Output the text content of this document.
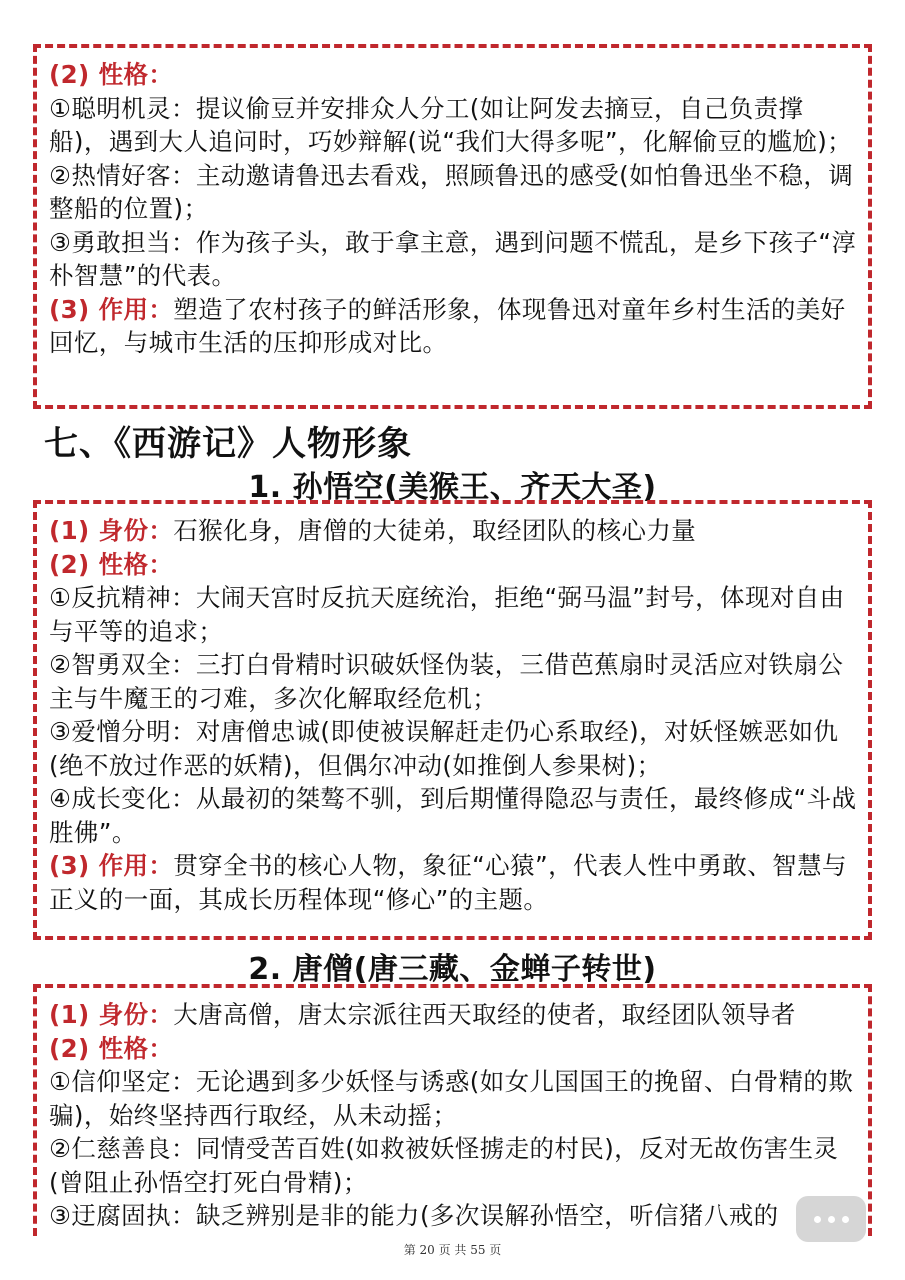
(2) 性格：

①聪明机灵：提议偷豆并安排众人分工(如让阿发去摘豆，自己负责撑船)，遇到大人追问时，巧妙辩解(说“我们大得多呢”，化解偷豆的尴尬)；

②热情好客：主动邀请鲁迅去看戏，照顾鲁迅的感受(如怕鲁迅坐不稳，调整船的位置)；

③勇敢担当：作为孩子头，敢于拿主意，遇到问题不慌乱，是乡下孩子“淳朴智慧”的代表。

(3) 作用：塑造了农村孩子的鲜活形象，体现鲁迅对童年乡村生活的美好回忆，与城市生活的压抑形成对比。

七、《西游记》人物形象
1. 孙悟空(美猴王、齐天大圣)

(1) 身份：石猴化身，唐僧的大徒弟，取经团队的核心力量

(2) 性格：

①反抗精神：大闹天宫时反抗天庭统治，拒绝“弼马温”封号，体现对自由与平等的追求；

②智勇双全：三打白骨精时识破妖怪伪装，三借芭蕉扇时灵活应对铁扇公主与牛魔王的刁难，多次化解取经危机；

③爱憎分明：对唐僧忠诚(即使被误解赶走仍心系取经)，对妖怪嫉恶如仇(绝不放过作恶的妖精)，但偶尔冲动(如推倒人参果树)；

④成长变化：从最初的桀骜不驯，到后期懂得隐忍与责任，最终修成“斗战胜佛”。

(3) 作用：贯穿全书的核心人物，象征“心猿”，代表人性中勇敢、智慧与正义的一面，其成长历程体现“修心”的主题。

2. 唐僧(唐三藏、金蝉子转世)

(1) 身份：大唐高僧，唐太宗派往西天取经的使者，取经团队领导者

(2) 性格：

①信仰坚定：无论遇到多少妖怪与诱惑(如女儿国国王的挽留、白骨精的欺骗)，始终坚持西行取经，从未动摇；

②仁慈善良：同情受苦百姓(如救被妖怪掳走的村民)，反对无故伤害生灵(曾阻止孙悟空打死白骨精)；

③迂腐固执：缺乏辨别是非的能力(多次误解孙悟空，听信猪八戒的

第 20 页 共 55 页
